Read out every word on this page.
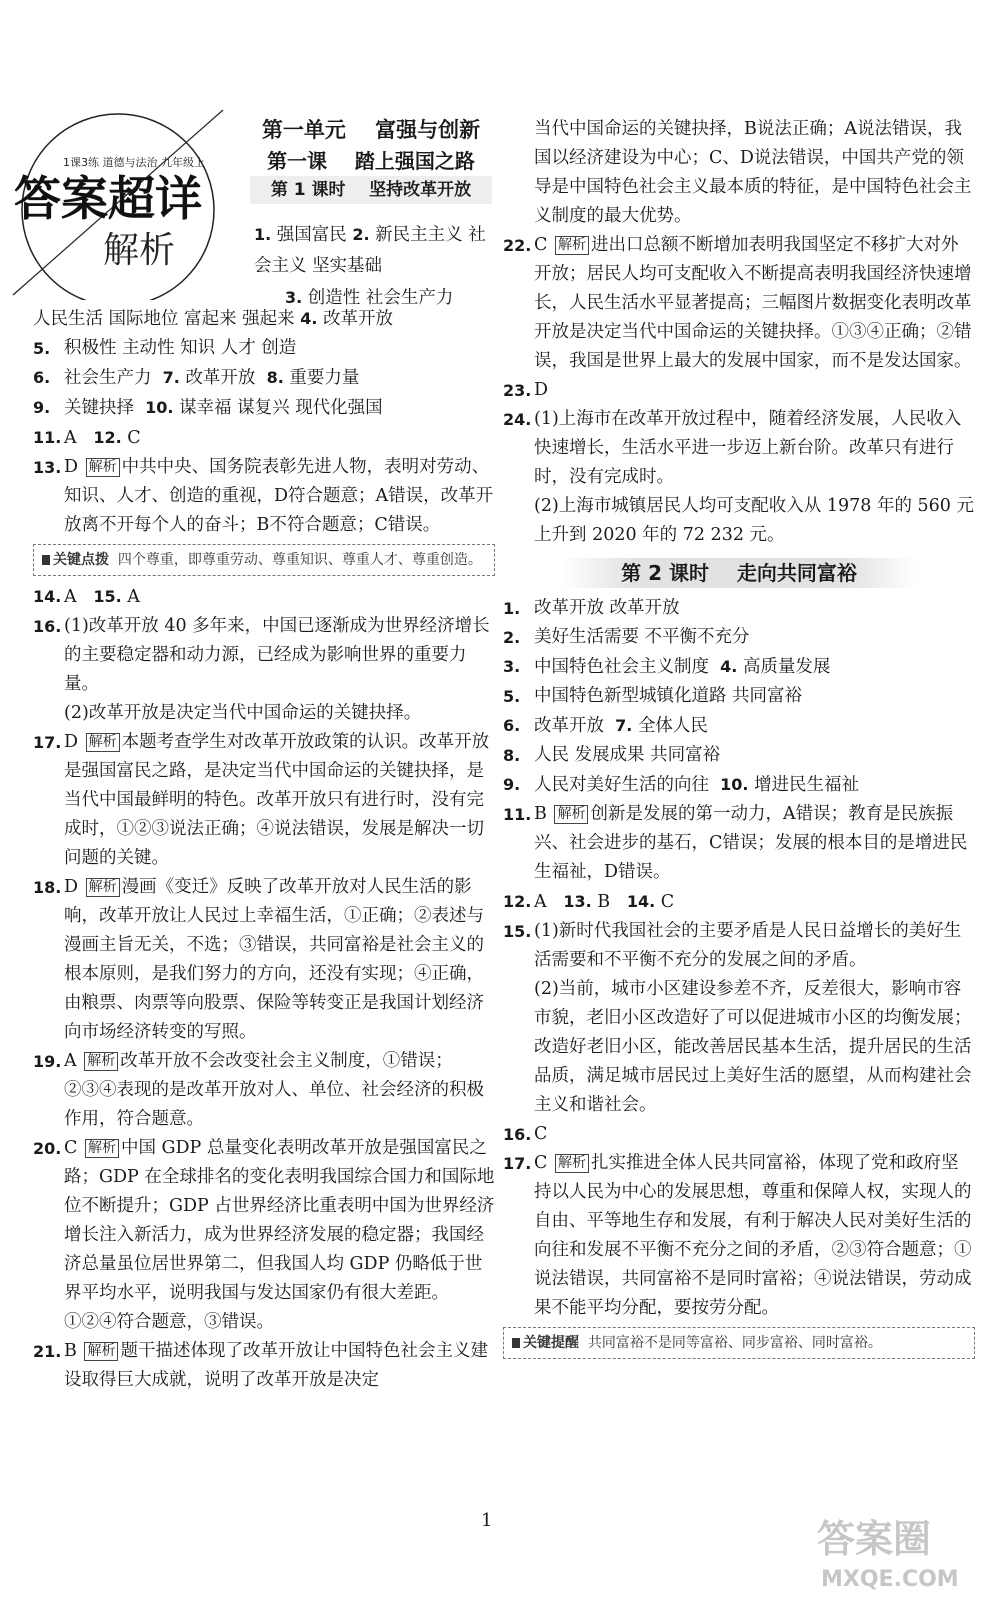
1课3练 道德与法治 九年级上
答案超详
解析
第一单元    富强与创新
第一课    踏上强国之路
第 1 课时    坚持改革开放
1. 强国富民 2. 新民主主义 社会主义 坚实基础
3. 创造性 社会生产力
人民生活 国际地位 富起来 强起来 4. 改革开放
5. 积极性 主动性 知识 人才 创造
6. 社会生产力 7. 改革开放 8. 重要力量
9. 关键抉择 10. 谋幸福 谋复兴 现代化强国
11. A 12. C
13. D 解析 中共中央、国务院表彰先进人物，表明对劳动、知识、人才、创造的重视，D符合题意；A错误，改革开放离不开每个人的奋斗；B不符合题意；C错误。
关键点拨 四个尊重，即尊重劳动、尊重知识、尊重人才、尊重创造。
14. A 15. A
16. (1)改革开放 40 多年来，中国已逐渐成为世界经济增长的主要稳定器和动力源，已经成为影响世界的重要力量。
(2)改革开放是决定当代中国命运的关键抉择。
17. D 解析 本题考查学生对改革开放政策的认识。改革开放是强国富民之路，是决定当代中国命运的关键抉择，是当代中国最鲜明的特色。改革开放只有进行时，没有完成时，①②③说法正确；④说法错误，发展是解决一切问题的关键。
18. D 解析 漫画《变迁》反映了改革开放对人民生活的影响，改革开放让人民过上幸福生活，①正确；②表述与漫画主旨无关，不选；③错误，共同富裕是社会主义的根本原则，是我们努力的方向，还没有实现；④正确，由粮票、肉票等向股票、保险等转变正是我国计划经济向市场经济转变的写照。
19. A 解析 改革开放不会改变社会主义制度，①错误；②③④表现的是改革开放对人、单位、社会经济的积极作用，符合题意。
20. C 解析 中国 GDP 总量变化表明改革开放是强国富民之路；GDP 在全球排名的变化表明我国综合国力和国际地位不断提升；GDP 占世界经济比重表明中国为世界经济增长注入新活力，成为世界经济发展的稳定器；我国经济总量虽位居世界第二，但我国人均 GDP 仍略低于世界平均水平，说明我国与发达国家仍有很大差距。①②④符合题意，③错误。
21. B 解析 题干描述体现了改革开放让中国特色社会主义建设取得巨大成就，说明了改革开放是决定
当代中国命运的关键抉择，B说法正确；A说法错误，我国以经济建设为中心；C、D说法错误，中国共产党的领导是中国特色社会主义最本质的特征，是中国特色社会主义制度的最大优势。
22. C 解析 进出口总额不断增加表明我国坚定不移扩大对外开放；居民人均可支配收入不断提高表明我国经济快速增长，人民生活水平显著提高；三幅图片数据变化表明改革开放是决定当代中国命运的关键抉择。①③④正确；②错误，我国是世界上最大的发展中国家，而不是发达国家。
23. D
24. (1)上海市在改革开放过程中，随着经济发展，人民收入快速增长，生活水平进一步迈上新台阶。改革只有进行时，没有完成时。
(2)上海市城镇居民人均可支配收入从 1978 年的 560 元上升到 2020 年的 72 232 元。
第 2 课时    走向共同富裕
1. 改革开放 改革开放
2. 美好生活需要 不平衡不充分
3. 中国特色社会主义制度 4. 高质量发展
5. 中国特色新型城镇化道路 共同富裕
6. 改革开放 7. 全体人民
8. 人民 发展成果 共同富裕
9. 人民对美好生活的向往 10. 增进民生福祉
11. B 解析 创新是发展的第一动力，A错误；教育是民族振兴、社会进步的基石，C错误；发展的根本目的是增进民生福祉，D错误。
12. A 13. B 14. C
15. (1)新时代我国社会的主要矛盾是人民日益增长的美好生活需要和不平衡不充分的发展之间的矛盾。
(2)当前，城市小区建设参差不齐，反差很大，影响市容市貌，老旧小区改造好了可以促进城市小区的均衡发展；改造好老旧小区，能改善居民基本生活，提升居民的生活品质，满足城市居民过上美好生活的愿望，从而构建社会主义和谐社会。
16. C
17. C 解析 扎实推进全体人民共同富裕，体现了党和政府坚持以人民为中心的发展思想，尊重和保障人权，实现人的自由、平等地生存和发展，有利于解决人民对美好生活的向往和发展不平衡不充分之间的矛盾，②③符合题意；①说法错误，共同富裕不是同时富裕；④说法错误，劳动成果不能平均分配，要按劳分配。
关键提醒 共同富裕不是同等富裕、同步富裕、同时富裕。
1	答案圈
MXQE.COM
